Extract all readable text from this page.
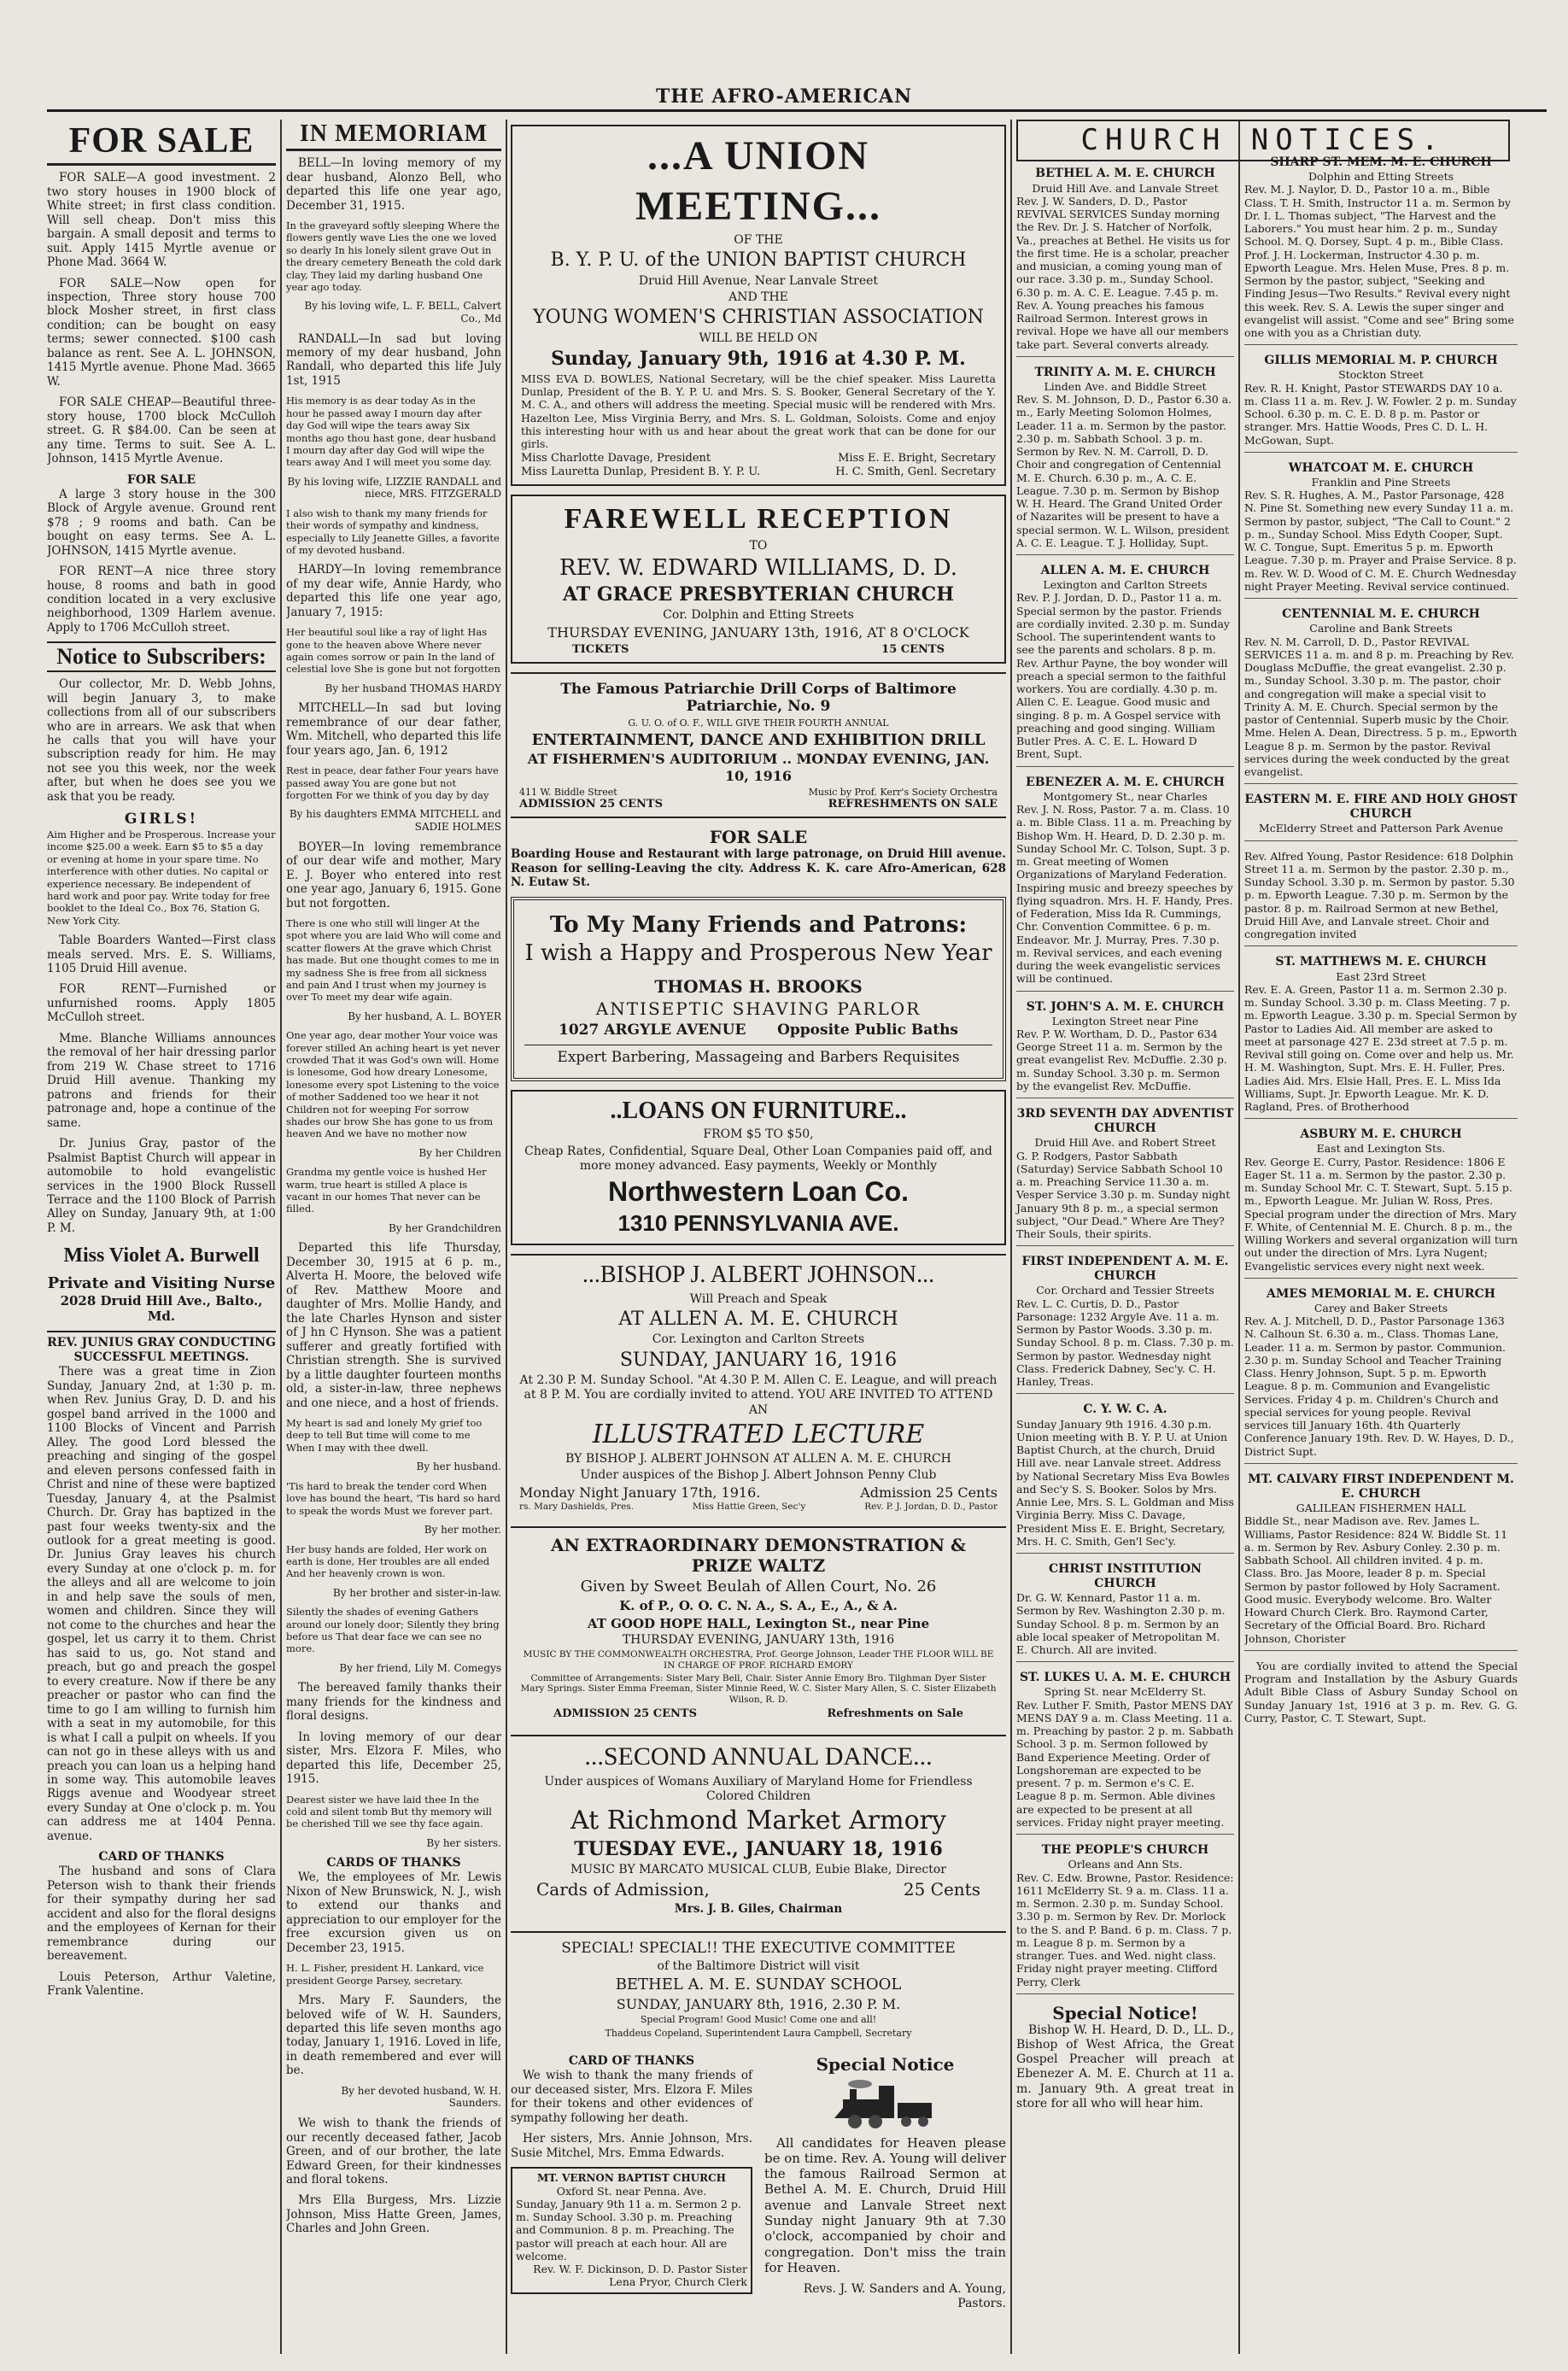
THE AFRO-AMERICAN
FOR SALE

FOR SALE—A good investment. 2 two story houses in 1900 block of White street; in first class condition. Will sell cheap. Don't miss this bargain. A small deposit and terms to suit. Apply 1415 Myrtle avenue or Phone Mad. 3664 W.

FOR SALE—Now open for inspection, Three story house 700 block Mosher street, in first class condition; can be bought on easy terms; sewer connected. $100 cash balance as rent. See A. L. JOHNSON, 1415 Myrtle avenue. Phone Mad. 3665 W.

FOR SALE CHEAP—Beautiful three-story house, 1700 block McCulloh street. G. R $84.00. Can be seen at any time. Terms to suit. See A. L. Johnson, 1415 Myrtle Avenue.

FOR SALE

A large 3 story house in the 300 Block of Argyle avenue. Ground rent $78 ; 9 rooms and bath. Can be bought on easy terms. See A. L. JOHNSON, 1415 Myrtle avenue.

FOR RENT—A nice three story house, 8 rooms and bath in good condition located in a very exclusive neighborhood, 1309 Harlem avenue. Apply to 1706 McCulloh street.

Notice to Subscribers:

Our collector, Mr. D. Webb Johns, will begin January 3, to make collections from all of our subscribers who are in arrears. We ask that when he calls that you will have your subscription ready for him. He may not see you this week, nor the week after, but when he does see you we ask that you be ready.

GIRLS!

Aim Higher and be Prosperous. Increase your income $25.00 a week. Earn $5 to $5 a day or evening at home in your spare time. No interference with other duties. No capital or experience necessary. Be independent of hard work and poor pay. Write today for free booklet to the Ideal Co., Box 76, Station G, New York City.

Table Boarders Wanted—First class meals served. Mrs. E. S. Williams, 1105 Druid Hill avenue.

FOR RENT—Furnished or unfurnished rooms. Apply 1805 McCulloh street.

Mme. Blanche Williams announces the removal of her hair dressing parlor from 219 W. Chase street to 1716 Druid Hill avenue. Thanking my patrons and friends for their patronage and, hope a continue of the same.

Dr. Junius Gray, pastor of the Psalmist Baptist Church will appear in automobile to hold evangelistic services in the 1900 Block Russell Terrace and the 1100 Block of Parrish Alley on Sunday, January 9th, at 1:00 P. M.

Miss Violet A. Burwell
Private and Visiting Nurse
2028 Druid Hill Ave., Balto., Md.
REV. JUNIUS GRAY CONDUCTING SUCCESSFUL MEETINGS.

There was a great time in Zion Sunday, January 2nd, at 1:30 p. m. when Rev. Junius Gray, D. D. and his gospel band arrived in the 1000 and 1100 Blocks of Vincent and Parrish Alley. The good Lord blessed the preaching and singing of the gospel and eleven persons confessed faith in Christ and nine of these were baptized Tuesday, January 4, at the Psalmist Church. Dr. Gray has baptized in the past four weeks twenty-six and the outlook for a great meeting is good. Dr. Junius Gray leaves his church every Sunday at one o'clock p. m. for the alleys and all are welcome to join in and help save the souls of men, women and children. Since they will not come to the churches and hear the gospel, let us carry it to them. Christ has said to us, go. Not stand and preach, but go and preach the gospel to every creature. Now if there be any preacher or pastor who can find the time to go I am willing to furnish him with a seat in my automobile, for this is what I call a pulpit on wheels. If you can not go in these alleys with us and preach you can loan us a helping hand in some way. This automobile leaves Riggs avenue and Woodyear street every Sunday at One o'clock p. m. You can address me at 1404 Penna. avenue.

CARD OF THANKS

The husband and sons of Clara Peterson wish to thank their friends for their sympathy during her sad accident and also for the floral designs and the employees of Kernan for their remembrance during our bereavement.

Louis Peterson, Arthur Valetine, Frank Valentine.

IN MEMORIAM

BELL—In loving memory of my dear husband, Alonzo Bell, who departed this life one year ago, December 31, 1915.

In the graveyard softly sleeping Where the flowers gently wave Lies the one we loved so dearly In his lonely silent grave Out in the dreary cemetery Beneath the cold dark clay, They laid my darling husband One year ago today.

By his loving wife, L. F. BELL, Calvert Co., Md

RANDALL—In sad but loving memory of my dear husband, John Randall, who departed this life July 1st, 1915

His memory is as dear today As in the hour he passed away I mourn day after day God will wipe the tears away Six months ago thou hast gone, dear husband I mourn day after day God will wipe the tears away And I will meet you some day.

By his loving wife, LIZZIE RANDALL and niece, MRS. FITZGERALD

I also wish to thank my many friends for their words of sympathy and kindness, especially to Lily Jeanette Gilles, a favorite of my devoted husband.

HARDY—In loving remembrance of my dear wife, Annie Hardy, who departed this life one year ago, January 7, 1915:

Her beautiful soul like a ray of light Has gone to the heaven above Where never again comes sorrow or pain In the land of celestial love She is gone but not forgotten

By her husband THOMAS HARDY

MITCHELL—In sad but loving remembrance of our dear father, Wm. Mitchell, who departed this life four years ago, Jan. 6, 1912

Rest in peace, dear father Four years have passed away You are gone but not forgotten For we think of you day by day

By his daughters EMMA MITCHELL and SADIE HOLMES

BOYER—In loving remembrance of our dear wife and mother, Mary E. J. Boyer who entered into rest one year ago, January 6, 1915. Gone but not forgotten.

There is one who still will linger At the spot where you are laid Who will come and scatter flowers At the grave which Christ has made. But one thought comes to me in my sadness She is free from all sickness and pain And I trust when my journey is over To meet my dear wife again.

By her husband, A. L. BOYER

One year ago, dear mother Your voice was forever stilled An aching heart is yet never crowded That it was God's own will. Home is lonesome, God how dreary Lonesome, lonesome every spot Listening to the voice of mother Saddened too we hear it not Children not for weeping For sorrow shades our brow She has gone to us from heaven And we have no mother now

By her Children

Grandma my gentle voice is hushed Her warm, true heart is stilled A place is vacant in our homes That never can be filled.

By her Grandchildren

Departed this life Thursday, December 30, 1915 at 6 p. m., Alverta H. Moore, the beloved wife of Rev. Matthew Moore and daughter of Mrs. Mollie Handy, and the late Charles Hynson and sister of J hn C Hynson. She was a patient sufferer and greatly fortified with Christian strength. She is survived by a little daughter fourteen months old, a sister-in-law, three nephews and one niece, and a host of friends.

My heart is sad and lonely My grief too deep to tell But time will come to me When I may with thee dwell.

By her husband.

'Tis hard to break the tender cord When love has bound the heart, 'Tis hard so hard to speak the words Must we forever part.

By her mother.

Her busy hands are folded, Her work on earth is done, Her troubles are all ended And her heavenly crown is won.

By her brother and sister-in-law.

Silently the shades of evening Gathers around our lonely door; Silently they bring before us That dear face we can see no more.

By her friend, Lily M. Comegys

The bereaved family thanks their many friends for the kindness and floral designs.

In loving memory of our dear sister, Mrs. Elzora F. Miles, who departed this life, December 25, 1915.

Dearest sister we have laid thee In the cold and silent tomb But thy memory will be cherished Till we see thy face again.

By her sisters.

CARDS OF THANKS

We, the employees of Mr. Lewis Nixon of New Brunswick, N. J., wish to extend our thanks and appreciation to our employer for the free excursion given us on December 23, 1915.

H. L. Fisher, president H. Lankard, vice president George Parsey, secretary.

Mrs. Mary F. Saunders, the beloved wife of W. H. Saunders, departed this life seven months ago today, January 1, 1916. Loved in life, in death remembered and ever will be.

By her devoted husband, W. H. Saunders.

We wish to thank the friends of our recently deceased father, Jacob Green, and of our brother, the late Edward Green, for their kindnesses and floral tokens.

Mrs Ella Burgess, Mrs. Lizzie Johnson, Miss Hatte Green, James, Charles and John Green.

...A UNION MEETING...

OF THE

B. Y. P. U. of the UNION BAPTIST CHURCH

Druid Hill Avenue, Near Lanvale Street

AND THE

YOUNG WOMEN'S CHRISTIAN ASSOCIATION

WILL BE HELD ON

Sunday, January 9th, 1916 at 4.30 P. M.

MISS EVA D. BOWLES, National Secretary, will be the chief speaker. Miss Lauretta Dunlap, President of the B. Y. P. U. and Mrs. S. S. Booker, General Secretary of the Y. M. C. A., and others will address the meeting. Special music will be rendered with Mrs. Hazelton Lee, Miss Virginia Berry, and Mrs. S. L. Goldman, Soloists. Come and enjoy this interesting hour with us and hear about the great work that can be done for our girls.

Miss Charlotte Davage, President	Miss E. E. Bright, Secretary
Miss Lauretta Dunlap, President B. Y. P. U.	H. C. Smith, Genl. Secretary
FAREWELL RECEPTION

TO

REV. W. EDWARD WILLIAMS, D. D.

AT GRACE PRESBYTERIAN CHURCH

Cor. Dolphin and Etting Streets

THURSDAY EVENING, JANUARY 13th, 1916, AT 8 O'CLOCK

TICKETS	15 CENTS

The Famous Patriarchie Drill Corps of Baltimore Patriarchie, No. 9

G. U. O. of O. F., WILL GIVE THEIR FOURTH ANNUAL

ENTERTAINMENT, DANCE AND EXHIBITION DRILL

AT FISHERMEN'S AUDITORIUM .. MONDAY EVENING, JAN. 10, 1916

411 W. Biddle Street	Music by Prof. Kerr's Society Orchestra
ADMISSION 25 CENTS	REFRESHMENTS ON SALE
FOR SALE

Boarding House and Restaurant with large patronage, on Druid Hill avenue. Reason for selling-Leaving the city. Address K. K. care Afro-American, 628 N. Eutaw St.

To My Many Friends and Patrons:

I wish a Happy and Prosperous New Year

THOMAS H. BROOKS

ANTISEPTIC SHAVING PARLOR

1027 ARGYLE AVENUE Opposite Public Baths

Expert Barbering, Massageing and Barbers Requisites

..LOANS ON FURNITURE..

FROM $5 TO $50,

Cheap Rates, Confidential, Square Deal, Other Loan Companies paid off, and more money advanced. Easy payments, Weekly or Monthly

Northwestern Loan Co.

1310 PENNSYLVANIA AVE.

...BISHOP J. ALBERT JOHNSON...

Will Preach and Speak

AT ALLEN A. M. E. CHURCH

Cor. Lexington and Carlton Streets

SUNDAY, JANUARY 16, 1916

At 2.30 P. M. Sunday School. "At 4.30 P. M. Allen C. E. League, and will preach at 8 P. M. You are cordially invited to attend. YOU ARE INVITED TO ATTEND AN

ILLUSTRATED LECTURE

BY BISHOP J. ALBERT JOHNSON AT ALLEN A. M. E. CHURCH

Under auspices of the Bishop J. Albert Johnson Penny Club

Monday Night January 17th, 1916.	Admission 25 Cents
rs. Mary Dashields, Pres.	Miss Hattie Green, Sec'y	Rev. P. J. Jordan, D. D., Pastor

AN EXTRAORDINARY DEMONSTRATION & PRIZE WALTZ

Given by Sweet Beulah of Allen Court, No. 26

K. of P., O. O. C. N. A., S. A., E., A., & A.

AT GOOD HOPE HALL, Lexington St., near Pine

THURSDAY EVENING, JANUARY 13th, 1916

MUSIC BY THE COMMONWEALTH ORCHESTRA, Prof. George Johnson, Leader THE FLOOR WILL BE IN CHARGE OF PROF. RICHARD EMORY

Committee of Arrangements: Sister Mary Bell, Chair. Sister Annie Emory Bro. Tilghman Dyer Sister Mary Springs. Sister Emma Freeman, Sister Minnie Reed, W. C. Sister Mary Allen, S. C. Sister Elizabeth Wilson, R. D.

ADMISSION 25 CENTS	Refreshments on Sale
...SECOND ANNUAL DANCE...

Under auspices of Womans Auxiliary of Maryland Home for Friendless Colored Children

At Richmond Market Armory

TUESDAY EVE., JANUARY 18, 1916

MUSIC BY MARCATO MUSICAL CLUB, Eubie Blake, Director

Cards of Admission,	25 Cents

Mrs. J. B. Giles, Chairman

SPECIAL! SPECIAL!! THE EXECUTIVE COMMITTEE

of the Baltimore District will visit

BETHEL A. M. E. SUNDAY SCHOOL

SUNDAY, JANUARY 8th, 1916, 2.30 P. M.

Special Program! Good Music! Come one and all!

Thaddeus Copeland, Superintendent Laura Campbell, Secretary

CARD OF THANKS

We wish to thank the many friends of our deceased sister, Mrs. Elzora F. Miles for their tokens and other evidences of sympathy following her death.

Her sisters, Mrs. Annie Johnson, Mrs. Susie Mitchel, Mrs. Emma Edwards.

MT. VERNON BAPTIST CHURCH
Oxford St. near Penna. Ave.
Sunday, January 9th 11 a. m. Sermon 2 p. m. Sunday School. 3.30 p. m. Preaching and Communion. 8 p. m. Preaching. The pastor will preach at each hour. All are welcome.
Rev. W. F. Dickinson, D. D. Pastor Sister Lena Pryor, Church Clerk
Special Notice

All candidates for Heaven please be on time. Rev. A. Young will deliver the famous Railroad Sermon at Bethel A. M. E. Church, Druid Hill avenue and Lanvale Street next Sunday night January 9th at 7.30 o'clock, accompanied by choir and congregation. Don't miss the train for Heaven.

Revs. J. W. Sanders and A. Young, Pastors.

CHURCH NOTICES.
BETHEL A. M. E. CHURCH
Druid Hill Ave. and Lanvale Street
Rev. J. W. Sanders, D. D., Pastor REVIVAL SERVICES Sunday morning the Rev. Dr. J. S. Hatcher of Norfolk, Va., preaches at Bethel. He visits us for the first time. He is a scholar, preacher and musician, a coming young man of our race. 3.30 p. m., Sunday School. 6.30 p. m. A. C. E. League. 7.45 p. m. Rev. A. Young preaches his famous Railroad Sermon. Interest grows in revival. Hope we have all our members take part. Several converts already.
TRINITY A. M. E. CHURCH
Linden Ave. and Biddle Street
Rev. S. M. Johnson, D. D., Pastor 6.30 a. m., Early Meeting Solomon Holmes, Leader. 11 a. m. Sermon by the pastor. 2.30 p. m. Sabbath School. 3 p. m. Sermon by Rev. N. M. Carroll, D. D. Choir and congregation of Centennial M. E. Church. 6.30 p. m., A. C. E. League. 7.30 p. m. Sermon by Bishop W. H. Heard. The Grand United Order of Nazarites will be present to have a special sermon. W. L. Wilson, president A. C. E. League. T. J. Holliday, Supt.
ALLEN A. M. E. CHURCH
Lexington and Carlton Streets
Rev. P. J. Jordan, D. D., Pastor 11 a. m. Special sermon by the pastor. Friends are cordially invited. 2.30 p. m. Sunday School. The superintendent wants to see the parents and scholars. 8 p. m. Rev. Arthur Payne, the boy wonder will preach a special sermon to the faithful workers. You are cordially. 4.30 p. m. Allen C. E. League. Good music and singing. 8 p. m. A Gospel service with preaching and good singing. William Butler Pres. A. C. E. L. Howard D Brent, Supt.
EBENEZER A. M. E. CHURCH
Montgomery St., near Charles
Rev. J. N. Ross, Pastor. 7 a. m. Class. 10 a. m. Bible Class. 11 a. m. Preaching by Bishop Wm. H. Heard, D. D. 2.30 p. m. Sunday School Mr. C. Tolson, Supt. 3 p. m. Great meeting of Women Organizations of Maryland Federation. Inspiring music and breezy speeches by flying squadron. Mrs. H. F. Handy, Pres. of Federation, Miss Ida R. Cummings, Chr. Convention Committee. 6 p. m. Endeavor. Mr. J. Murray, Pres. 7.30 p. m. Revival services, and each evening during the week evangelistic services will be continued.
ST. JOHN'S A. M. E. CHURCH
Lexington Street near Pine
Rev. P. W. Wortham, D. D., Pastor 634 George Street 11 a. m. Sermon by the great evangelist Rev. McDuffie. 2.30 p. m. Sunday School. 3.30 p. m. Sermon by the evangelist Rev. McDuffie.
3RD SEVENTH DAY ADVENTIST CHURCH
Druid Hill Ave. and Robert Street
G. P. Rodgers, Pastor Sabbath (Saturday) Service Sabbath School 10 a. m. Preaching Service 11.30 a. m. Vesper Service 3.30 p. m. Sunday night January 9th 8 p. m., a special sermon subject, "Our Dead." Where Are They? Their Souls, their spirits.
FIRST INDEPENDENT A. M. E. CHURCH
Cor. Orchard and Tessier Streets
Rev. L. C. Curtis, D. D., Pastor Parsonage: 1232 Argyle Ave. 11 a. m. Sermon by Pastor Woods. 3.30 p. m. Sunday School. 8 p. m. Class. 7.30 p. m. Sermon by pastor. Wednesday night Class. Frederick Dabney, Sec'y. C. H. Hanley, Treas.
C. Y. W. C. A.
Sunday January 9th 1916. 4.30 p.m. Union meeting with B. Y. P. U. at Union Baptist Church, at the church, Druid Hill ave. near Lanvale street. Address by National Secretary Miss Eva Bowles and Sec'y S. S. Booker. Solos by Mrs. Annie Lee, Mrs. S. L. Goldman and Miss Virginia Berry. Miss C. Davage, President Miss E. E. Bright, Secretary, Mrs. H. C. Smith, Gen'l Sec'y.
CHRIST INSTITUTION CHURCH
Dr. G. W. Kennard, Pastor 11 a. m. Sermon by Rev. Washington 2.30 p. m. Sunday School. 8 p. m. Sermon by an able local speaker of Metropolitan M. E. Church. All are invited.
ST. LUKES U. A. M. E. CHURCH
Spring St. near McElderry St.
Rev. Luther F. Smith, Pastor MENS DAY MENS DAY 9 a. m. Class Meeting. 11 a. m. Preaching by pastor. 2 p. m. Sabbath School. 3 p. m. Sermon followed by Band Experience Meeting. Order of Longshoreman are expected to be present. 7 p. m. Sermon e's C. E. League 8 p. m. Sermon. Able divines are expected to be present at all services. Friday night prayer meeting.
THE PEOPLE'S CHURCH
Orleans and Ann Sts.
Rev. C. Edw. Browne, Pastor. Residence: 1611 McElderry St. 9 a. m. Class. 11 a. m. Sermon. 2.30 p. m. Sunday School. 3.30 p. m. Sermon by Rev. Dr. Morlock to the S. and P. Band. 6 p. m. Class. 7 p. m. League 8 p. m. Sermon by a stranger. Tues. and Wed. night class. Friday night prayer meeting. Clifford Perry, Clerk
Special Notice!

Bishop W. H. Heard, D. D., LL. D., Bishop of West Africa, the Great Gospel Preacher will preach at Ebenezer A. M. E. Church at 11 a. m. January 9th. A great treat in store for all who will hear him.

SHARP ST. MEM. M. E. CHURCH
Dolphin and Etting Streets
Rev. M. J. Naylor, D. D., Pastor 10 a. m., Bible Class. T. H. Smith, Instructor 11 a. m. Sermon by Dr. I. L. Thomas subject, "The Harvest and the Laborers." You must hear him. 2 p. m., Sunday School. M. Q. Dorsey, Supt. 4 p. m., Bible Class. Prof. J. H. Lockerman, Instructor 4.30 p. m. Epworth League. Mrs. Helen Muse, Pres. 8 p. m. Sermon by the pastor, subject, "Seeking and Finding Jesus—Two Results." Revival every night this week. Rev. S. A. Lewis the super singer and evangelist will assist. "Come and see" Bring some one with you as a Christian duty.
GILLIS MEMORIAL M. P. CHURCH
Stockton Street
Rev. R. H. Knight, Pastor STEWARDS DAY 10 a. m. Class 11 a. m. Rev. J. W. Fowler. 2 p. m. Sunday School. 6.30 p. m. C. E. D. 8 p. m. Pastor or stranger. Mrs. Hattie Woods, Pres C. D. L. H. McGowan, Supt.
WHATCOAT M. E. CHURCH
Franklin and Pine Streets
Rev. S. R. Hughes, A. M., Pastor Parsonage, 428 N. Pine St. Something new every Sunday 11 a. m. Sermon by pastor, subject, "The Call to Count." 2 p. m., Sunday School. Miss Edyth Cooper, Supt. W. C. Tongue, Supt. Emeritus 5 p. m. Epworth League. 7.30 p. m. Prayer and Praise Service. 8 p. m. Rev. W. D. Wood of C. M. E. Church Wednesday night Prayer Meeting. Revival service continued.
CENTENNIAL M. E. CHURCH
Caroline and Bank Streets
Rev. N. M. Carroll, D. D., Pastor REVIVAL SERVICES 11 a. m. and 8 p. m. Preaching by Rev. Douglass McDuffie, the great evangelist. 2.30 p. m., Sunday School. 3.30 p. m. The pastor, choir and congregation will make a special visit to Trinity A. M. E. Church. Special sermon by the pastor of Centennial. Superb music by the Choir. Mme. Helen A. Dean, Directress. 5 p. m., Epworth League 8 p. m. Sermon by the pastor. Revival services during the week conducted by the great evangelist.
EASTERN M. E. FIRE AND HOLY GHOST CHURCH
McElderry Street and Patterson Park Avenue
Rev. Alfred Young, Pastor Residence: 618 Dolphin Street 11 a. m. Sermon by the pastor. 2.30 p. m., Sunday School. 3.30 p. m. Sermon by pastor. 5.30 p. m. Epworth League. 7.30 p. m. Sermon by the pastor. 8 p. m. Railroad Sermon at new Bethel, Druid Hill Ave, and Lanvale street. Choir and congregation invited
ST. MATTHEWS M. E. CHURCH
East 23rd Street
Rev. E. A. Green, Pastor 11 a. m. Sermon 2.30 p. m. Sunday School. 3.30 p. m. Class Meeting. 7 p. m. Epworth League. 3.30 p. m. Special Sermon by Pastor to Ladies Aid. All member are asked to meet at parsonage 427 E. 23d street at 7.5 p. m. Revival still going on. Come over and help us. Mr. H. M. Washington, Supt. Mrs. E. H. Fuller, Pres. Ladies Aid. Mrs. Elsie Hall, Pres. E. L. Miss Ida Williams, Supt. Jr. Epworth League. Mr. K. D. Ragland, Pres. of Brotherhood
ASBURY M. E. CHURCH
East and Lexington Sts.
Rev. George E. Curry, Pastor. Residence: 1806 E Eager St. 11 a. m. Sermon by the pastor. 2.30 p. m. Sunday School Mr. C. T. Stewart, Supt. 5.15 p. m., Epworth League. Mr. Julian W. Ross, Pres. Special program under the direction of Mrs. Mary F. White, of Centennial M. E. Church. 8 p. m., the Willing Workers and several organization will turn out under the direction of Mrs. Lyra Nugent; Evangelistic services every night next week.
AMES MEMORIAL M. E. CHURCH
Carey and Baker Streets
Rev. A. J. Mitchell, D. D., Pastor Parsonage 1363 N. Calhoun St. 6.30 a. m., Class. Thomas Lane, Leader. 11 a. m. Sermon by pastor. Communion. 2.30 p. m. Sunday School and Teacher Training Class. Henry Johnson, Supt. 5 p. m. Epworth League. 8 p. m. Communion and Evangelistic Services. Friday 4 p. m. Children's Church and special services for young people. Revival services till January 16th. 4th Quarterly Conference January 19th. Rev. D. W. Hayes, D. D., District Supt.
MT. CALVARY FIRST INDEPENDENT M. E. CHURCH
GALILEAN FISHERMEN HALL
Biddle St., near Madison ave. Rev. James L. Williams, Pastor Residence: 824 W. Biddle St. 11 a. m. Sermon by Rev. Asbury Conley. 2.30 p. m. Sabbath School. All children invited. 4 p. m. Class. Bro. Jas Moore, leader 8 p. m. Special Sermon by pastor followed by Holy Sacrament. Good music. Everybody welcome. Bro. Walter Howard Church Clerk. Bro. Raymond Carter, Secretary of the Official Board. Bro. Richard Johnson, Chorister

You are cordially invited to attend the Special Program and Installation by the Asbury Guards Adult Bible Class of Asbury Sunday School on Sunday January 1st, 1916 at 3 p. m. Rev. G. G. Curry, Pastor, C. T. Stewart, Supt.
